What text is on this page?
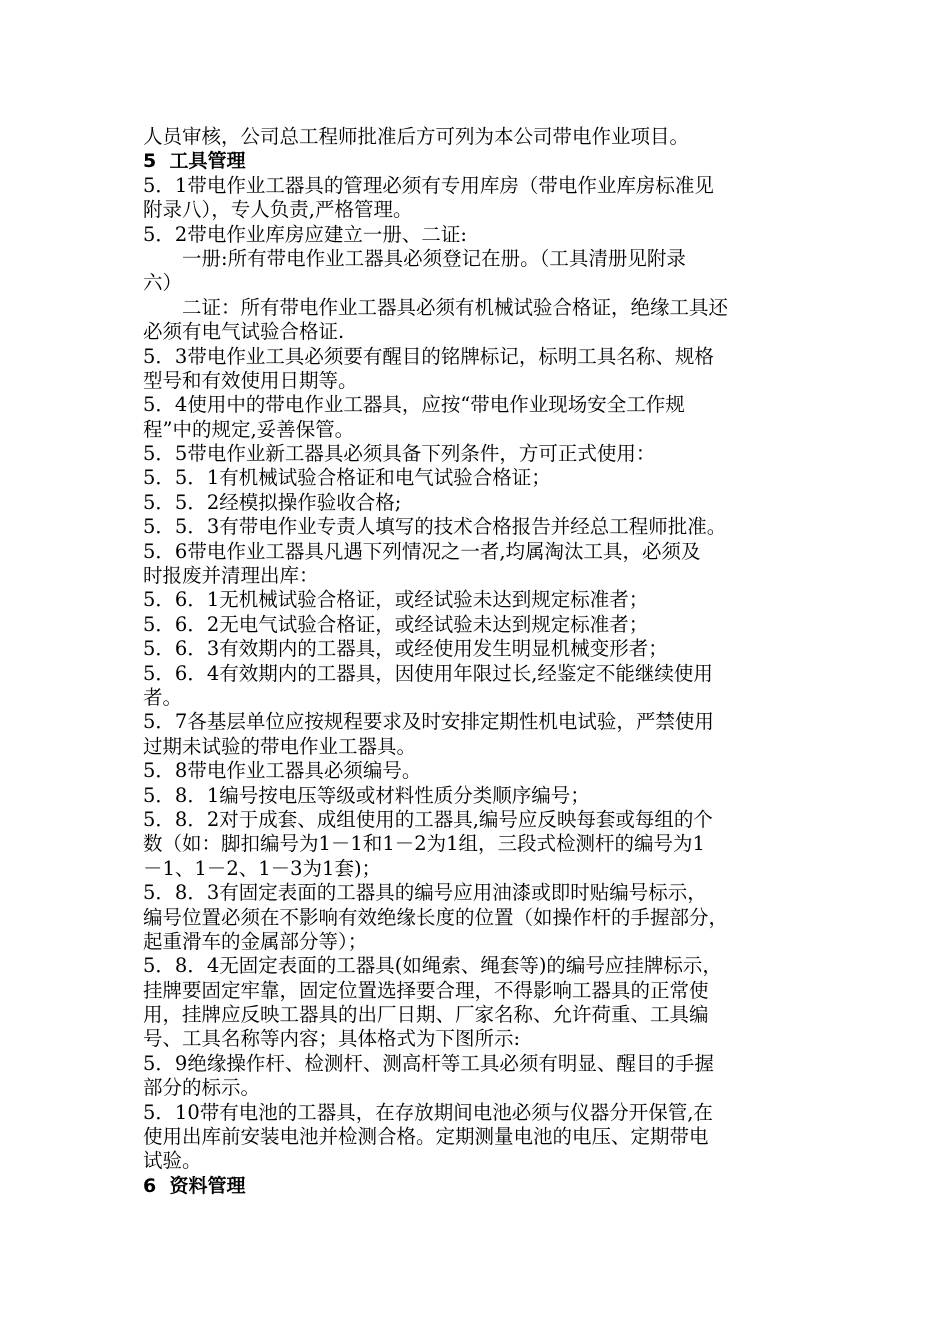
人员审核，公司总工程师批准后方可列为本公司带电作业项目。
5  工具管理
5．1带电作业工器具的管理必须有专用库房（带电作业库房标准见
附录八），专人负责,严格管理。
5．2带电作业库房应建立一册、二证:
一册:所有带电作业工器具必须登记在册。（工具清册见附录
六）
二证：所有带电作业工器具必须有机械试验合格证，绝缘工具还
必须有电气试验合格证.
5．3带电作业工具必须要有醒目的铭牌标记，标明工具名称、规格
型号和有效使用日期等。
5．4使用中的带电作业工器具，应按“带电作业现场安全工作规
程”中的规定,妥善保管。
5．5带电作业新工器具必须具备下列条件，方可正式使用：
5．5．1有机械试验合格证和电气试验合格证；
5．5．2经模拟操作验收合格;
5．5．3有带电作业专责人填写的技术合格报告并经总工程师批准。
5．6带电作业工器具凡遇下列情况之一者,均属淘汰工具，必须及
时报废并清理出库：
5．6．1无机械试验合格证，或经试验未达到规定标准者；
5．6．2无电气试验合格证，或经试验未达到规定标准者；
5．6．3有效期内的工器具，或经使用发生明显机械变形者；
5．6．4有效期内的工器具，因使用年限过长,经鉴定不能继续使用
者。
5．7各基层单位应按规程要求及时安排定期性机电试验，严禁使用
过期未试验的带电作业工器具。
5．8带电作业工器具必须编号。
5．8．1编号按电压等级或材料性质分类顺序编号；
5．8．2对于成套、成组使用的工器具,编号应反映每套或每组的个
数（如：脚扣编号为1－1和1－2为1组，三段式检测杆的编号为1
－1、1－2、1－3为1套)；
5．8．3有固定表面的工器具的编号应用油漆或即时贴编号标示，
编号位置必须在不影响有效绝缘长度的位置（如操作杆的手握部分，
起重滑车的金属部分等）；
5．8．4无固定表面的工器具(如绳索、绳套等)的编号应挂牌标示，
挂牌要固定牢靠，固定位置选择要合理，不得影响工器具的正常使
用，挂牌应反映工器具的出厂日期、厂家名称、允许荷重、工具编
号、工具名称等内容；具体格式为下图所示:
5．9绝缘操作杆、检测杆、测高杆等工具必须有明显、醒目的手握
部分的标示。
5．10带有电池的工器具，在存放期间电池必须与仪器分开保管,在
使用出库前安装电池并检测合格。定期测量电池的电压、定期带电
试验。
6  资料管理
